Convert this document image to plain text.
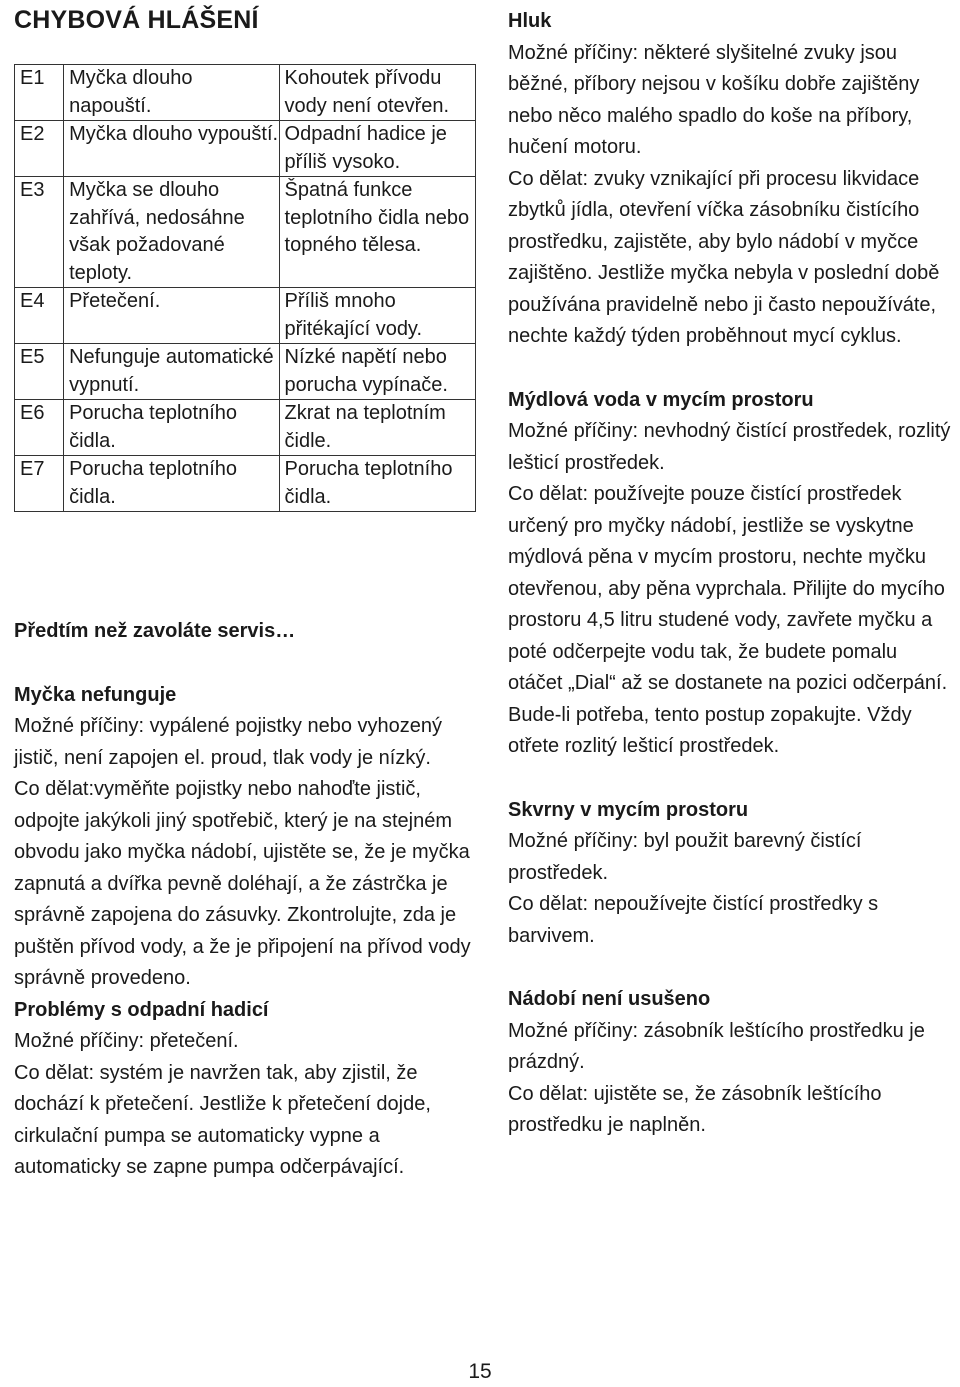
CHYBOVÁ HLÁŠENÍ
E1	Myčka dlouho napouští.	Kohoutek přívodu vody není otevřen.
E2	Myčka dlouho vypouští.	Odpadní hadice je příliš vysoko.
E3	Myčka se dlouho zahřívá, nedosáhne však požadované teploty.	Špatná funkce teplotního čidla nebo topného tělesa.
E4	Přetečení.	Příliš mnoho přitékající vody.
E5	Nefunguje automatické vypnutí.	Nízké napětí nebo porucha vypínače.
E6	Porucha teplotního čidla.	Zkrat na teplotním čidle.
E7	Porucha teplotního čidla.	Porucha teplotního čidla.

Předtím než zavoláte servis…

Myčka nefunguje

Možné příčiny: vypálené pojistky nebo vyhozený jistič, není zapojen el. proud, tlak vody je nízký.

Co dělat:vyměňte pojistky nebo nahoďte jistič, odpojte jakýkoli jiný spotřebič, který je na stejném obvodu jako myčka nádobí, ujistěte se, že je myčka zapnutá a dvířka pevně doléhají, a že zástrčka je správně zapojena do zásuvky. Zkontrolujte, zda je puštěn přívod vody, a že je připojení na přívod vody správně provedeno.

Problémy s odpadní hadicí

Možné příčiny: přetečení.

Co dělat: systém je navržen tak, aby zjistil, že dochází k přetečení. Jestliže k přetečení dojde, cirkulační pumpa se automaticky vypne a automaticky se zapne pumpa odčerpávající.

Hluk

Možné příčiny: některé slyšitelné zvuky jsou běžné, příbory nejsou v košíku dobře zajištěny nebo něco malého spadlo do koše na příbory, hučení motoru.

Co dělat: zvuky vznikající při procesu likvidace zbytků jídla, otevření víčka zásobníku čistícího prostředku, zajistěte, aby bylo nádobí v myčce zajištěno. Jestliže myčka nebyla v poslední době používána pravidelně nebo ji často nepoužíváte, nechte každý týden proběhnout mycí cyklus.

Mýdlová voda v mycím prostoru

Možné příčiny: nevhodný čistící prostředek, rozlitý lešticí prostředek.

Co dělat: používejte pouze čistící prostředek určený pro myčky nádobí, jestliže se vyskytne mýdlová pěna v mycím prostoru, nechte myčku otevřenou, aby pěna vyprchala. Přilijte do mycího prostoru 4,5 litru studené vody, zavřete myčku a poté odčerpejte vodu tak, že budete pomalu otáčet „Dial“ až se dostanete na pozici odčerpání. Bude-li potřeba, tento postup zopakujte. Vždy otřete rozlitý lešticí prostředek.

Skvrny v mycím prostoru

Možné příčiny: byl použit barevný čistící prostředek.

Co dělat: nepoužívejte čistící prostředky s barvivem.

Nádobí není usušeno

Možné příčiny: zásobník leštícího prostředku je prázdný.

Co dělat: ujistěte se, že zásobník leštícího prostředku je naplněn.

15
